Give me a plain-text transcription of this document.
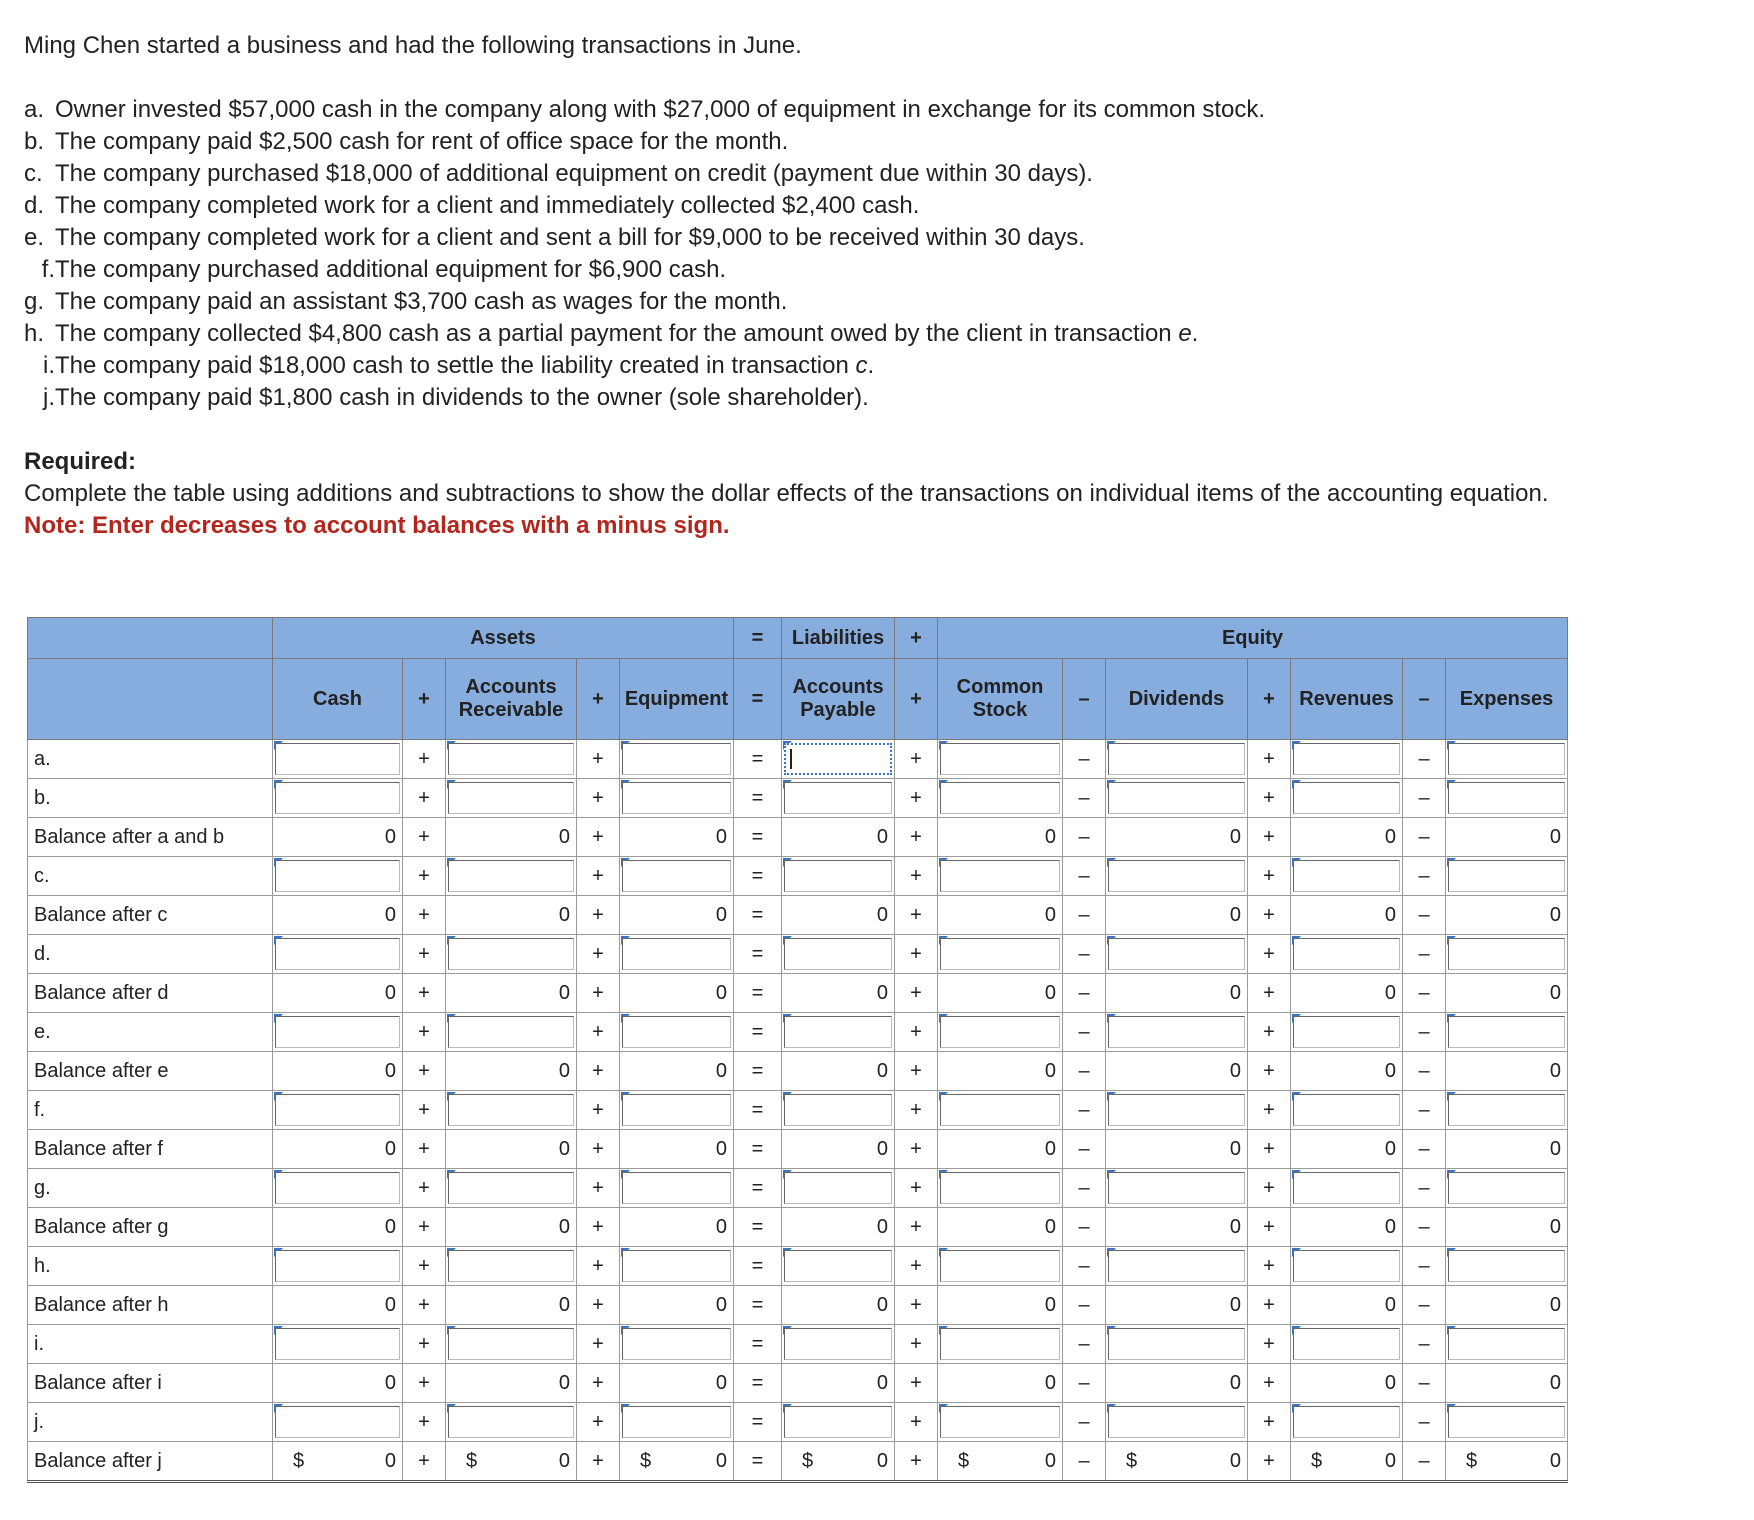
Ming Chen started a business and had the following transactions in June.

a. Owner invested $57,000 cash in the company along with $27,000 of equipment in exchange for its common stock.
b. The company paid $2,500 cash for rent of office space for the month.
c. The company purchased $18,000 of additional equipment on credit (payment due within 30 days).
d. The company completed work for a client and immediately collected $2,400 cash.
e. The company completed work for a client and sent a bill for $9,000 to be received within 30 days.
f.The company purchased additional equipment for $6,900 cash.
g. The company paid an assistant $3,700 cash as wages for the month.
h. The company collected $4,800 cash as a partial payment for the amount owed by the client in transaction e.
i.The company paid $18,000 cash to settle the liability created in transaction c.
j.The company paid $1,800 cash in dividends to the owner (sole shareholder).

Required:

Complete the table using additions and subtractions to show the dollar effects of the transactions on individual items of the accounting equation.

Note: Enter decreases to account balances with a minus sign.

	Assets					=	Liabilities	+	Equity						
	Cash	+	Accounts Receivable	+	Equipment	=	Accounts Payable	+	Common Stock	–	Dividends	+	Revenues	–	Expenses
a.		+		+		=		+		–		+		–	

b.		+		+		=		+		–		+		–	

Balance after a and b	0	+	0	+	0	=	0	+	0	–	0	+	0	–	0
c.		+		+		=		+		–		+		–	

Balance after c	0	+	0	+	0	=	0	+	0	–	0	+	0	–	0
d.		+		+		=		+		–		+		–	

Balance after d	0	+	0	+	0	=	0	+	0	–	0	+	0	–	0
e.		+		+		=		+		–		+		–	

Balance after e	0	+	0	+	0	=	0	+	0	–	0	+	0	–	0
f.		+		+		=		+		–		+		–	

Balance after f	0	+	0	+	0	=	0	+	0	–	0	+	0	–	0
g.		+		+		=		+		–		+		–	

Balance after g	0	+	0	+	0	=	0	+	0	–	0	+	0	–	0
h.		+		+		=		+		–		+		–	

Balance after h	0	+	0	+	0	=	0	+	0	–	0	+	0	–	0
i.		+		+		=		+		–		+		–	

Balance after i	0	+	0	+	0	=	0	+	0	–	0	+	0	–	0
j.		+		+		=		+		–		+		–	

Balance after j	$ 0	+	$ 0	+	$ 0	=	$ 0	+	$ 0	–	$ 0	+	$ 0	–	$ 0
